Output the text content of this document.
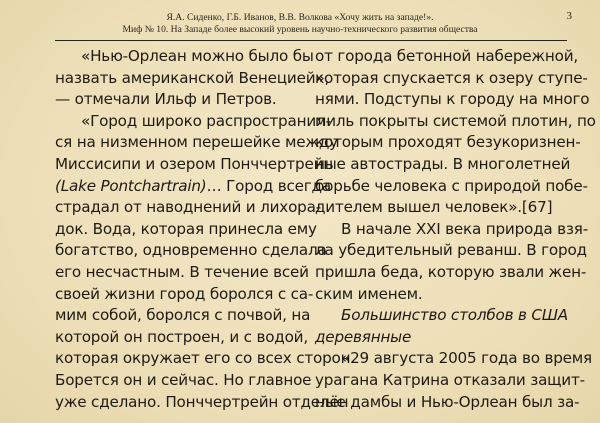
Я.А. Сиденко, Г.Б. Иванов, В.В. Волкова «Хочу жить на западе!».
Миф № 10. На Западе более высокий уровень научно-технического развития общества
3
«Нью-Орлеан можно было бы
назвать американской Венецией»,
— отмечали Ильф и Петров.
«Город широко распространил-
ся на низменном перешейке между
Миссисипи и озером Понччертрейн
(Lake Pontchartrain)… Город всегда
страдал от наводнений и лихора-
док. Вода, которая принесла ему
богатство, одновременно сделала
его несчастным. В течение всей
своей жизни город боролся с са-
мим собой, боролся с почвой, на
которой он построен, и с водой,
которая окружает его со всех сторон.
Борется он и сейчас. Но главное
уже сделано. Понччертрейн отделён
от города бетонной набережной,
которая спускается к озеру ступе-
нями. Подступы к городу на много
миль покрыты системой плотин, по
которым проходят безукоризнен-
ные автострады. В многолетней
борьбе человека с природой побе-
дителем вышел человек».[67]
В начале XXI века природа взя-
ла убедительный реванш. В город
пришла беда, которую звали жен-
ским именем.
Большинство столбов в США
деревянные
«29 августа 2005 года во время
урагана Катрина отказали защит-
ные дамбы и Нью-Орлеан был за-
